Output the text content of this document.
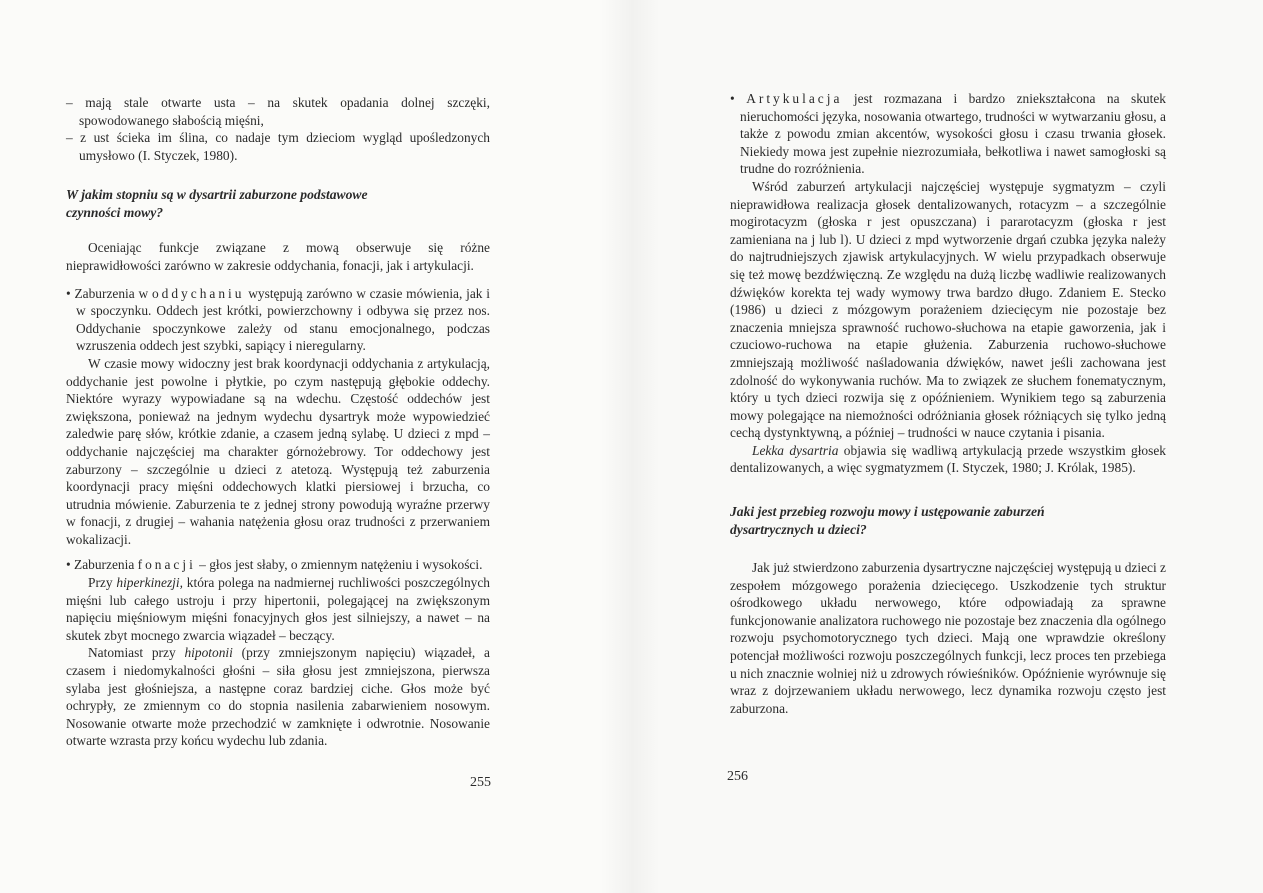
– mają stale otwarte usta – na skutek opadania dolnej szczęki, spowodowanego słabością mięśni,

– z ust ścieka im ślina, co nadaje tym dzieciom wygląd upośledzonych umysłowo (I. Styczek, 1980).

W jakim stopniu są w dysartrii zaburzone podstawowe czynności mowy?

Oceniając funkcje związane z mową obserwuje się różne nieprawidłowości zarówno w zakresie oddychania, fonacji, jak i artykulacji.

• Zaburzenia w oddychaniu występują zarówno w czasie mówienia, jak i w spoczynku. Oddech jest krótki, powierzchowny i odbywa się przez nos. Oddychanie spoczynkowe zależy od stanu emocjonalnego, podczas wzruszenia oddech jest szybki, sapiący i nieregularny.

W czasie mowy widoczny jest brak koordynacji oddychania z artykulacją, oddychanie jest powolne i płytkie, po czym następują głębokie oddechy. Niektóre wyrazy wypowiadane są na wdechu. Częstość oddechów jest zwiększona, ponieważ na jednym wydechu dysartryk może wypowiedzieć zaledwie parę słów, krótkie zdanie, a czasem jedną sylabę. U dzieci z mpd – oddychanie najczęściej ma charakter górnożebrowy. Tor oddechowy jest zaburzony – szczególnie u dzieci z atetozą. Występują też zaburzenia koordynacji pracy mięśni oddechowych klatki piersiowej i brzucha, co utrudnia mówienie. Zaburzenia te z jednej strony powodują wyraźne przerwy w fonacji, z drugiej – wahania natężenia głosu oraz trudności z przerwaniem wokalizacji.

• Zaburzenia fonacji – głos jest słaby, o zmiennym natężeniu i wysokości.

Przy hiperkinezji, która polega na nadmiernej ruchliwości poszczególnych mięśni lub całego ustroju i przy hipertonii, polegającej na zwiększonym napięciu mięśniowym mięśni fonacyjnych głos jest silniejszy, a nawet – na skutek zbyt mocnego zwarcia wiązadeł – beczący.

Natomiast przy hipotonii (przy zmniejszonym napięciu) wiązadeł, a czasem i niedomykalności głośni – siła głosu jest zmniejszona, pierwsza sylaba jest głośniejsza, a następne coraz bardziej ciche. Głos może być ochrypły, ze zmiennym co do stopnia nasilenia zabarwieniem nosowym. Nosowanie otwarte może przechodzić w zamknięte i odwrotnie. Nosowanie otwarte wzrasta przy końcu wydechu lub zdania.

255

• Artykulacja jest rozmazana i bardzo zniekształcona na skutek nieruchomości języka, nosowania otwartego, trudności w wytwarzaniu głosu, a także z powodu zmian akcentów, wysokości głosu i czasu trwania głosek. Niekiedy mowa jest zupełnie niezrozumiała, bełkotliwa i nawet samogłoski są trudne do rozróżnienia.

Wśród zaburzeń artykulacji najczęściej występuje sygmatyzm – czyli nieprawidłowa realizacja głosek dentalizowanych, rotacyzm – a szczególnie mogirotacyzm (głoska r jest opuszczana) i pararotacyzm (głoska r jest zamieniana na j lub l). U dzieci z mpd wytworzenie drgań czubka języka należy do najtrudniejszych zjawisk artykulacyjnych. W wielu przypadkach obserwuje się też mowę bezdźwięczną. Ze względu na dużą liczbę wadliwie realizowanych dźwięków korekta tej wady wymowy trwa bardzo długo. Zdaniem E. Stecko (1986) u dzieci z mózgowym porażeniem dziecięcym nie pozostaje bez znaczenia mniejsza sprawność ruchowo-słuchowa na etapie gaworzenia, jak i czuciowo-ruchowa na etapie głużenia. Zaburzenia ruchowo-słuchowe zmniejszają możliwość naśladowania dźwięków, nawet jeśli zachowana jest zdolność do wykonywania ruchów. Ma to związek ze słuchem fonematycznym, który u tych dzieci rozwija się z opóźnieniem. Wynikiem tego są zaburzenia mowy polegające na niemożności odróżniania głosek różniących się tylko jedną cechą dystynktywną, a później – trudności w nauce czytania i pisania.

Lekka dysartria objawia się wadliwą artykulacją przede wszystkim głosek dentalizowanych, a więc sygmatyzmem (I. Styczek, 1980; J. Królak, 1985).

Jaki jest przebieg rozwoju mowy i ustępowanie zaburzeń dysartrycznych u dzieci?

Jak już stwierdzono zaburzenia dysartryczne najczęściej występują u dzieci z zespołem mózgowego porażenia dziecięcego. Uszkodzenie tych struktur ośrodkowego układu nerwowego, które odpowiadają za sprawne funkcjonowanie analizatora ruchowego nie pozostaje bez znaczenia dla ogólnego rozwoju psychomotorycznego tych dzieci. Mają one wprawdzie określony potencjał możliwości rozwoju poszczególnych funkcji, lecz proces ten przebiega u nich znacznie wolniej niż u zdrowych rówieśników. Opóźnienie wyrównuje się wraz z dojrzewaniem układu nerwowego, lecz dynamika rozwoju często jest zaburzona.

256
